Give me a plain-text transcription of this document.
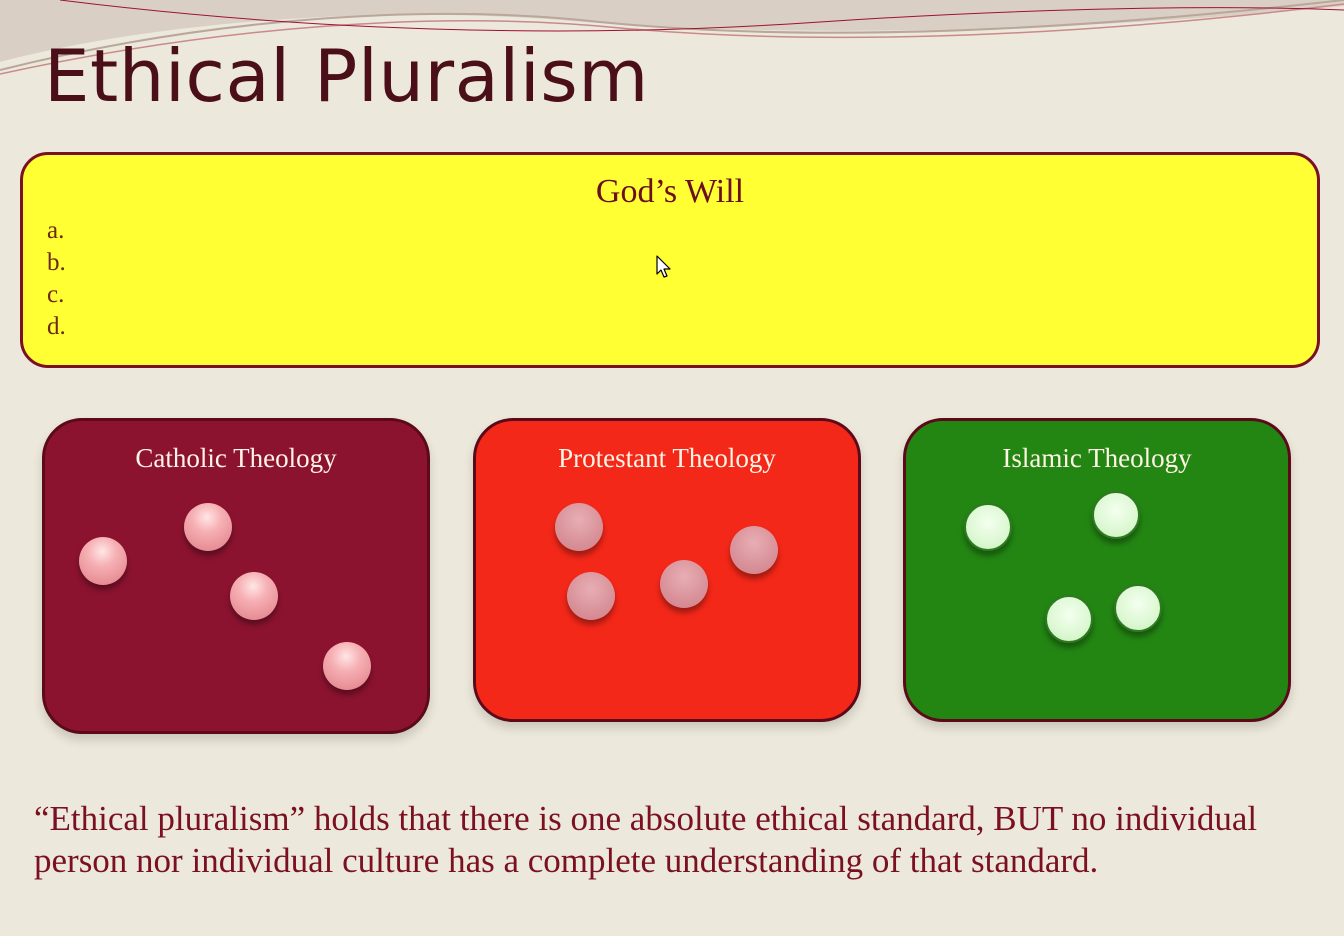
Ethical Pluralism
God’s Will
a.
b.
c.
d.
Catholic Theology	Protestant Theology	Islamic Theology

“Ethical pluralism” holds that there is one absolute ethical standard, BUT no individual person nor individual culture has a complete understanding of that standard.
